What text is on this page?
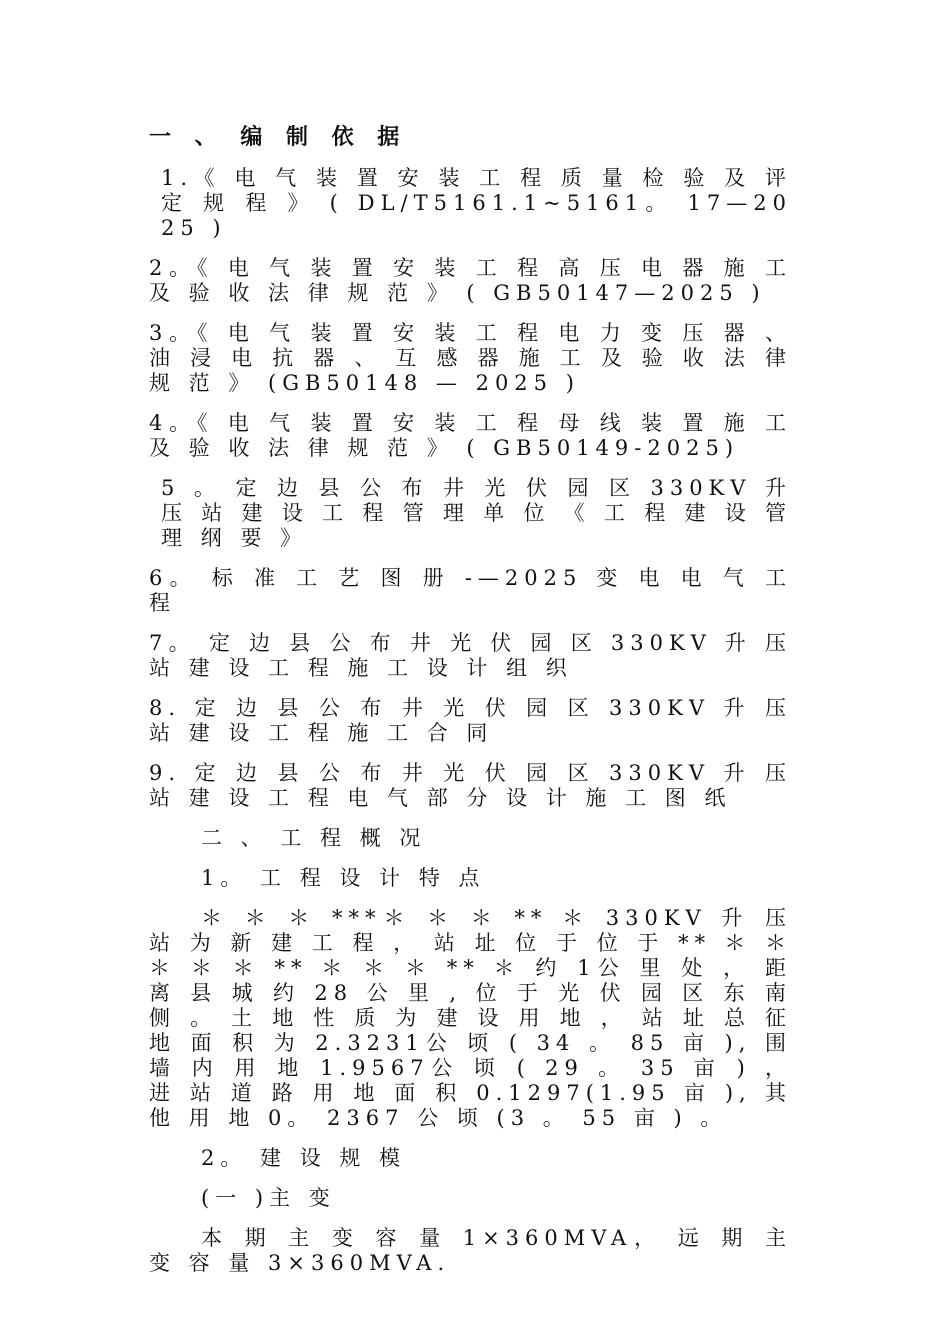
一 、 编 制 依 据
1.《 电 气 装 置 安 装 工 程 质 量 检 验 及 评 定 规 程 》 ( DL/T5161.1~5161。 17—2025 )
2。《 电 气 装 置 安 装 工 程 高 压 电 器 施 工 及 验 收 法 律 规 范 》 ( GB50147—2025 )
3。《 电 气 装 置 安 装 工 程 电 力 变 压 器 、 油 浸 电 抗 器 、 互 感 器 施 工 及 验 收 法 律 规 范 》 (GB50148 — 2025 )
4。《 电 气 装 置 安 装 工 程 母 线 装 置 施 工 及 验 收 法 律 规 范 》 ( GB50149-2025)
5 。 定 边 县 公 布 井 光 伏 园 区 330KV 升 压 站 建 设 工 程 管 理 单 位 《 工 程 建 设 管 理 纲 要 》
6。 标 准 工 艺 图 册 -—2025 变 电 电 气 工 程
7。 定 边 县 公 布 井 光 伏 园 区 330KV 升 压 站 建 设 工 程 施 工 设 计 组 织
8. 定 边 县 公 布 井 光 伏 园 区 330KV 升 压 站 建 设 工 程 施 工 合 同
9. 定 边 县 公 布 井 光 伏 园 区 330KV 升 压 站 建 设 工 程 电 气 部 分 设 计 施 工 图 纸
二 、 工 程 概 况
1。 工 程 设 计 特 点
＊ ＊ ＊ ***＊ ＊ ＊ ** ＊ 330KV 升 压 站 为 新 建 工 程 ， 站 址 位 于 位 于 ** ＊ ＊ ＊ ＊ ＊ ** ＊ ＊ ＊ ** ＊ 约 1公 里 处 ， 距 离 县 城 约 28 公 里 , 位 于 光 伏 园 区 东 南 侧 。 土 地 性 质 为 建 设 用 地 ， 站 址 总 征 地 面 积 为 2.3231公 顷 ( 34 。 85 亩 ), 围 墙 内 用 地 1.9567公 顷 ( 29 。 35 亩 ) ， 进 站 道 路 用 地 面 积 0.1297(1.95 亩 ), 其 他 用 地 0。 2367 公 顷 (3 。 55 亩 ) 。
2。 建 设 规 模
(一 )主 变
本 期 主 变 容 量 1×360MVA， 远 期 主 变 容 量 3×360MVA.
